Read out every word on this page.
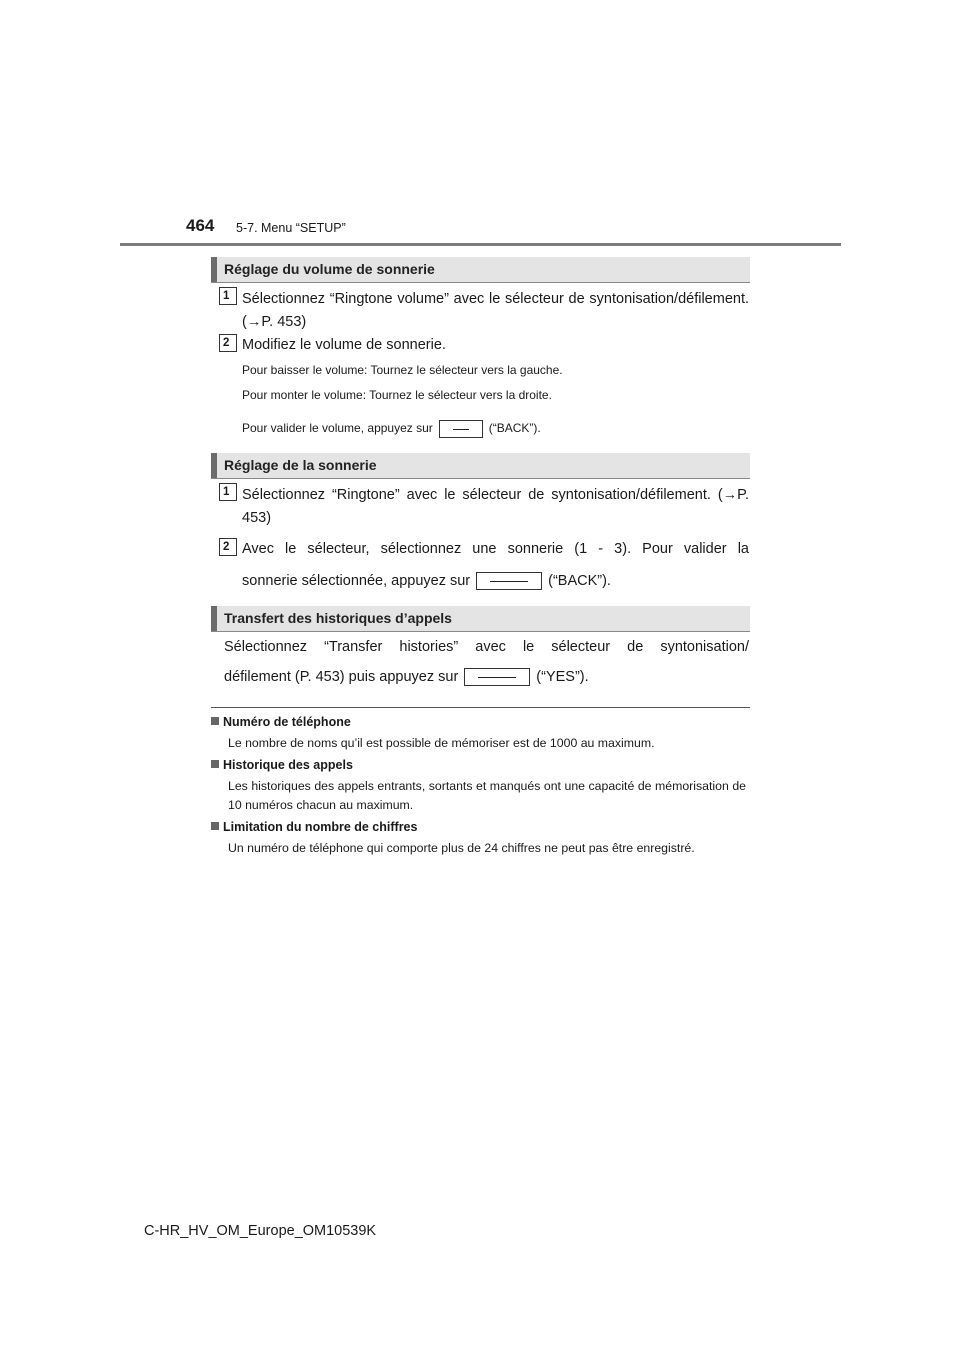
464 5-7. Menu “SETUP”
Réglage du volume de sonnerie
1 Sélectionnez “Ringtone volume” avec le sélecteur de syntonisation/défilement. (→P. 453)
2 Modifiez le volume de sonnerie.
Pour baisser le volume: Tournez le sélecteur vers la gauche.
Pour monter le volume: Tournez le sélecteur vers la droite.
Pour valider le volume, appuyez sur	(“BACK”).
Réglage de la sonnerie
1 Sélectionnez “Ringtone” avec le sélecteur de syntonisation/défilement. (→P. 453)
2 Avec le sélecteur, sélectionnez une sonnerie (1 - 3). Pour valider la
sonnerie sélectionnée, appuyez sur	(“BACK”).
Transfert des historiques d’appels
Sélectionnez “Transfer histories” avec le sélecteur de syntonisation/
défilement (P. 453) puis appuyez sur	(“YES”).
Numéro de téléphone
Le nombre de noms qu’il est possible de mémoriser est de 1000 au maximum.
Historique des appels
Les historiques des appels entrants, sortants et manqués ont une capacité de mémorisation de 10 numéros chacun au maximum.
Limitation du nombre de chiffres
Un numéro de téléphone qui comporte plus de 24 chiffres ne peut pas être enregistré.
C-HR_HV_OM_Europe_OM10539K
